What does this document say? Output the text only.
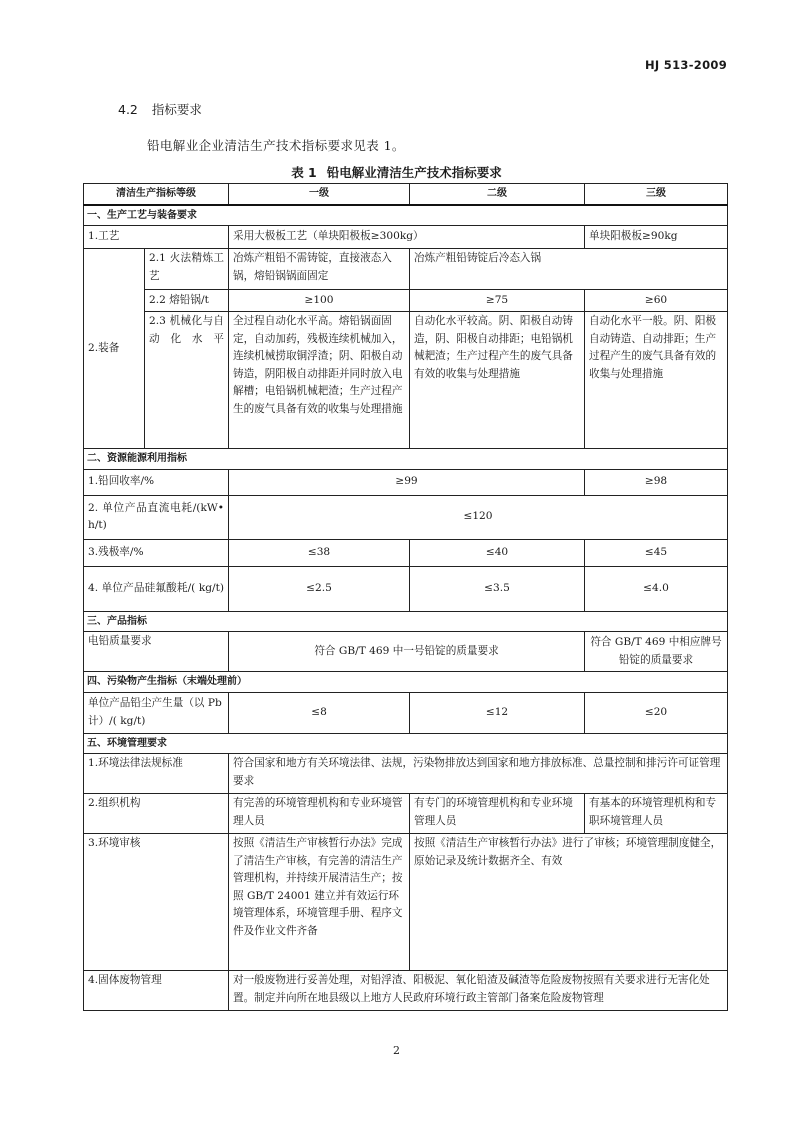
HJ 513-2009
4.2 指标要求
铅电解业企业清洁生产技术指标要求见表 1。
表 1 铅电解业清洁生产技术指标要求
清洁生产指标等级		一级	二级	三级
一、生产工艺与装备要求				
1.工艺		采用大极板工艺（单块阳极板≥300kg）		单块阳极板≥90kg
2.装备	2.1 火法精炼工艺	冶炼产粗铅不需铸锭，直接液态入锅，熔铅锅锅面固定	冶炼产粗铅铸锭后冷态入锅	
	2.2 熔铅锅/t	≥100	≥75	≥60
	2.3 机械化与自动化水平	全过程自动化水平高。熔铅锅面固定，自动加药，残极连续机械加入，连续机械捞取铜浮渣；阴、阳极自动铸造，阴阳极自动排距并同时放入电解槽；电铅锅机械耙渣；生产过程产生的废气具备有效的收集与处理措施	自动化水平较高。阴、阳极自动铸造，阴、阳极自动排距；电铅锅机械耙渣；生产过程产生的废气具备有效的收集与处理措施	自动化水平一般。阴、阳极自动铸造、自动排距；生产过程产生的废气具备有效的收集与处理措施
二、资源能源利用指标				
1.铅回收率/%		≥99		≥98
2. 单位产品直流电耗/(kW•h/t)		≤120		
3.残极率/%		≤38	≤40	≤45
4. 单位产品硅氟酸耗/( kg/t)		≤2.5	≤3.5	≤4.0
三、产品指标				
电铅质量要求		符合 GB/T 469 中一号铅锭的质量要求		符合 GB/T 469 中相应牌号铅锭的质量要求
四、污染物产生指标（末端处理前）				
单位产品铅尘产生量（以 Pb 计）/( kg/t)		≤8	≤12	≤20
五、环境管理要求				
1.环境法律法规标准		符合国家和地方有关环境法律、法规，污染物排放达到国家和地方排放标准、总量控制和排污许可证管理要求		
2.组织机构		有完善的环境管理机构和专业环境管理人员	有专门的环境管理机构和专业环境管理人员	有基本的环境管理机构和专职环境管理人员
3.环境审核		按照《清洁生产审核暂行办法》完成了清洁生产审核，有完善的清洁生产管理机构，并持续开展清洁生产；按照 GB/T 24001 建立并有效运行环境管理体系，环境管理手册、程序文件及作业文件齐备	按照《清洁生产审核暂行办法》进行了审核；环境管理制度健全，原始记录及统计数据齐全、有效	
4.固体废物管理		对一般废物进行妥善处理，对铅浮渣、阳极泥、氧化铅渣及碱渣等危险废物按照有关要求进行无害化处置。制定并向所在地县级以上地方人民政府环境行政主管部门备案危险废物管理		
2
